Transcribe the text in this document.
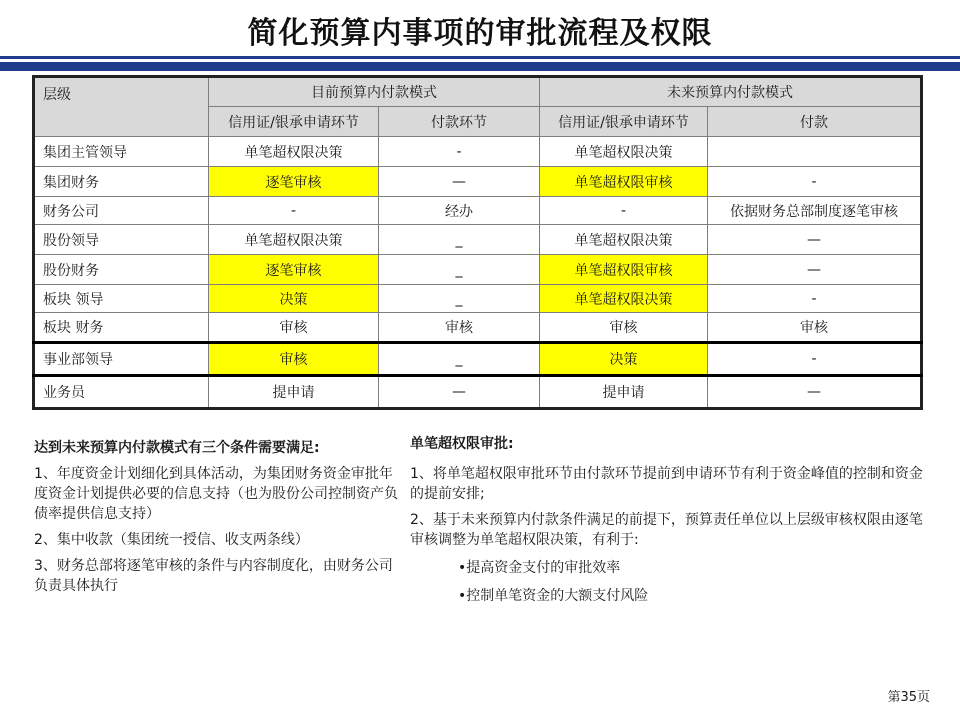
简化预算内事项的审批流程及权限
层级	目前预算内付款模式		未来预算内付款模式	
	信用证/银承申请环节	付款环节	信用证/银承申请环节	付款
集团主管领导	单笔超权限决策	-	单笔超权限决策	
集团财务	逐笔审核	—	单笔超权限审核	-
财务公司	-	经办	-	依据财务总部制度逐笔审核
股份领导	单笔超权限决策	_	单笔超权限决策	—
股份财务	逐笔审核	_	单笔超权限审核	—
板块 领导	决策	_	单笔超权限决策	-
板块 财务	审核	审核	审核	审核
事业部领导	审核	_	决策	-
业务员	提申请	—	提申请	—

达到未来预算内付款模式有三个条件需要满足:

1、年度资金计划细化到具体活动，为集团财务资金审批年度资金计划提供必要的信息支持（也为股份公司控制资产负债率提供信息支持）

2、集中收款（集团统一授信、收支两条线）

3、财务总部将逐笔审核的条件与内容制度化，由财务公司负责具体执行

单笔超权限审批:

1、将单笔超权限审批环节由付款环节提前到申请环节有利于资金峰值的控制和资金的提前安排;

2、基于未来预算内付款条件满足的前提下，预算责任单位以上层级审核权限由逐笔审核调整为单笔超权限决策，有利于:

•提高资金支付的审批效率

•控制单笔资金的大额支付风险

第35页
